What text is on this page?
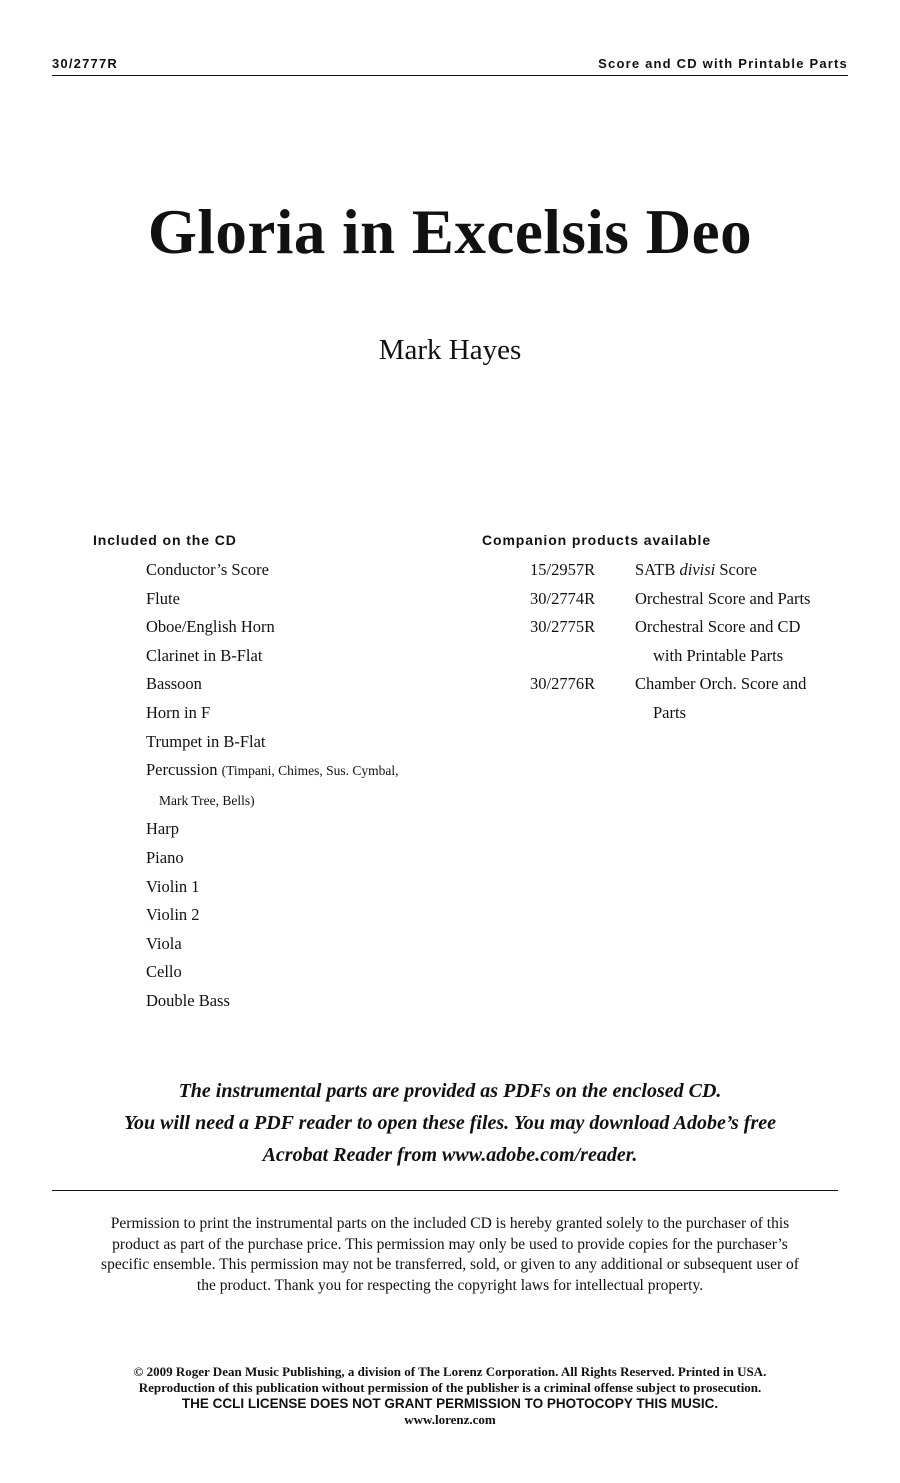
30/2777R	Score and CD with Printable Parts
Gloria in Excelsis Deo
Mark Hayes
Included on the CD
Conductor’s Score
Flute
Oboe/English Horn
Clarinet in B-Flat
Bassoon
Horn in F
Trumpet in B-Flat
Percussion (Timpani, Chimes, Sus. Cymbal,
Mark Tree, Bells)
Harp
Piano
Violin 1
Violin 2
Viola
Cello
Double Bass
Companion products available
15/2957R	SATB divisi Score
30/2774R	Orchestral Score and Parts
30/2775R	Orchestral Score and CD
with Printable Parts
30/2776R	Chamber Orch. Score and
Parts
The instrumental parts are provided as PDFs on the enclosed CD.
You will need a PDF reader to open these files. You may download Adobe’s free
Acrobat Reader from www.adobe.com/reader.
Permission to print the instrumental parts on the included CD is hereby granted solely to the purchaser of this
product as part of the purchase price. This permission may only be used to provide copies for the purchaser’s
specific ensemble. This permission may not be transferred, sold, or given to any additional or subsequent user of
the product. Thank you for respecting the copyright laws for intellectual property.
© 2009 Roger Dean Music Publishing, a division of The Lorenz Corporation. All Rights Reserved. Printed in USA.
Reproduction of this publication without permission of the publisher is a criminal offense subject to prosecution.
THE CCLI LICENSE DOES NOT GRANT PERMISSION TO PHOTOCOPY THIS MUSIC.
www.lorenz.com
